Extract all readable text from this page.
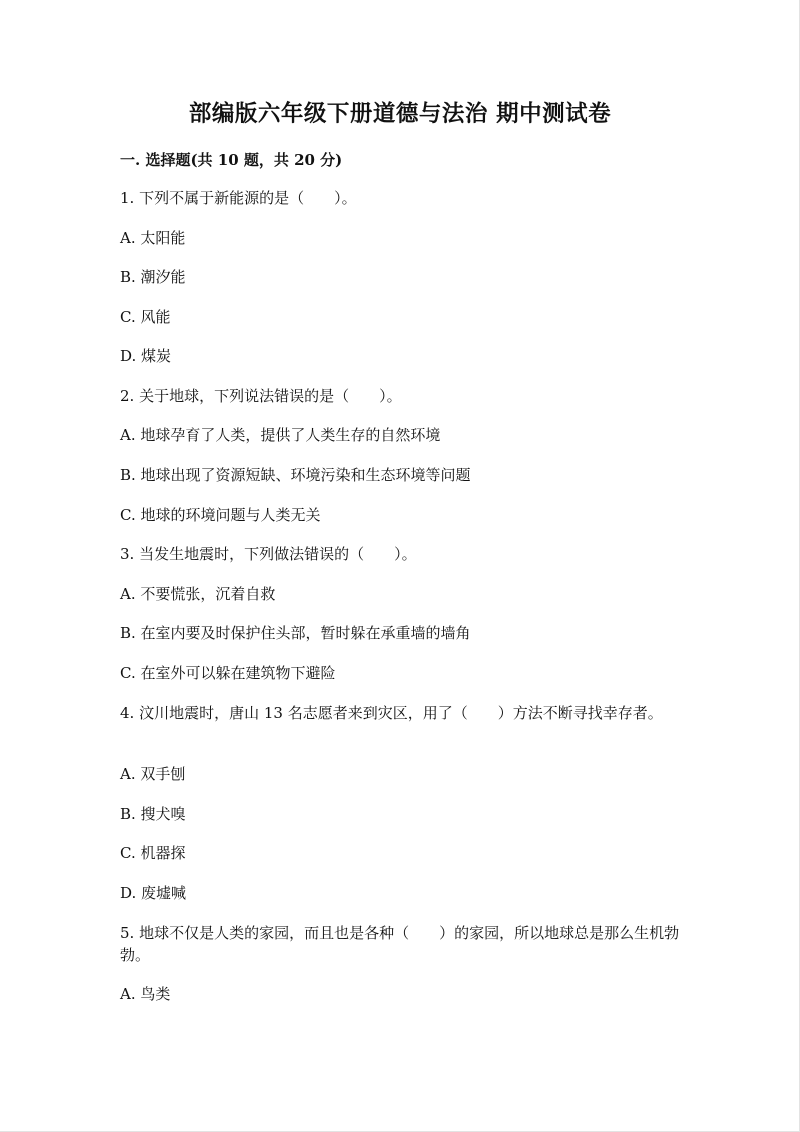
部编版六年级下册道德与法治 期中测试卷
一. 选择题(共 10 题，共 20 分)

1. 下列不属于新能源的是（　　）。

A. 太阳能

B. 潮汐能

C. 风能

D. 煤炭

2. 关于地球，下列说法错误的是（　　）。

A. 地球孕育了人类，提供了人类生存的自然环境

B. 地球出现了资源短缺、环境污染和生态环境等问题

C. 地球的环境问题与人类无关

3. 当发生地震时，下列做法错误的（　　）。

A. 不要慌张，沉着自救

B. 在室内要及时保护住头部，暂时躲在承重墙的墙角

C. 在室外可以躲在建筑物下避险

4. 汶川地震时，唐山 13 名志愿者来到灾区，用了（　　）方法不断寻找幸存者。

A. 双手刨

B. 搜犬嗅

C. 机器探

D. 废墟喊

5. 地球不仅是人类的家园，而且也是各种（　　）的家园，所以地球总是那么生机勃勃。

A. 鸟类
